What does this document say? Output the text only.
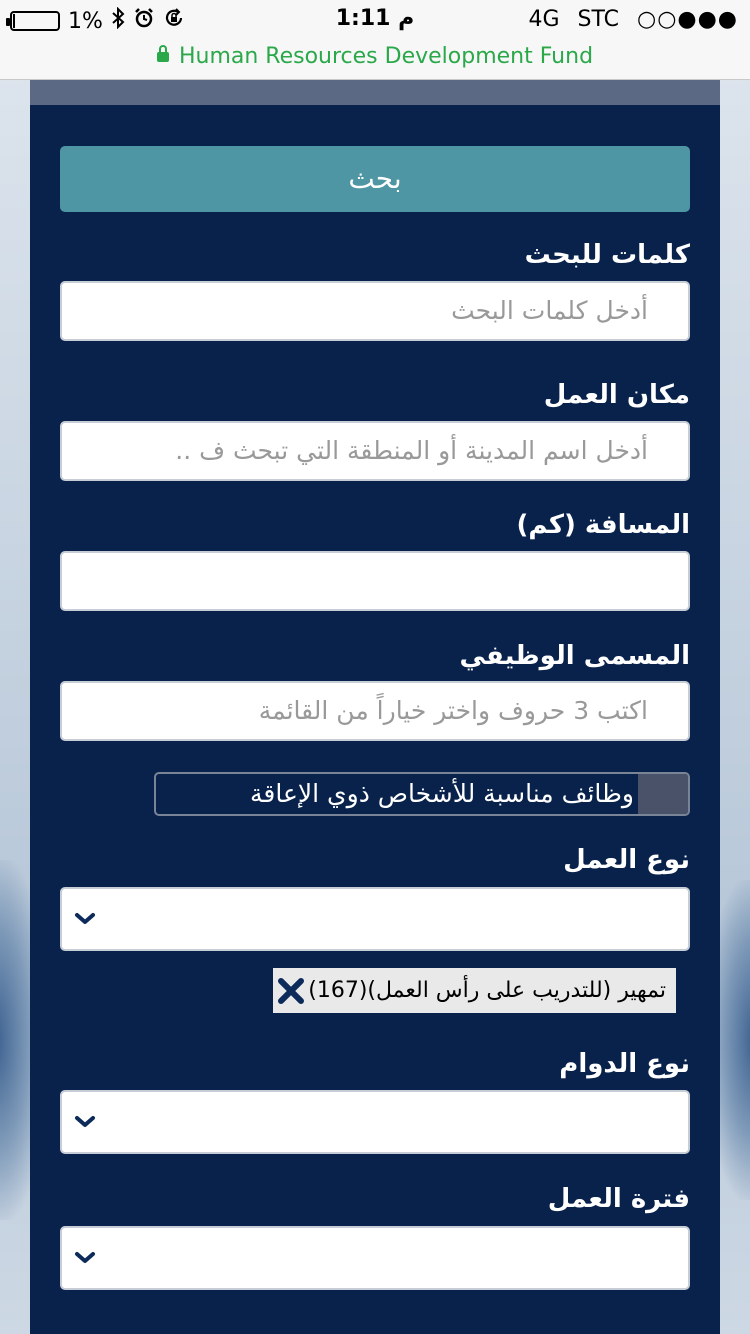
1%	1:11 م	4G STC ○○●●●
Human Resources Development Fund
بحث
كلمات للبحث
أدخل كلمات البحث
مكان العمل
أدخل اسم المدينة أو المنطقة التي تبحث ف ..
المسافة (كم)
المسمى الوظيفي
اكتب 3 حروف واختر خياراً من القائمة
وظائف مناسبة للأشخاص ذوي الإعاقة
نوع العمل
تمهير (للتدريب على رأس العمل)(167)
نوع الدوام
فترة العمل
